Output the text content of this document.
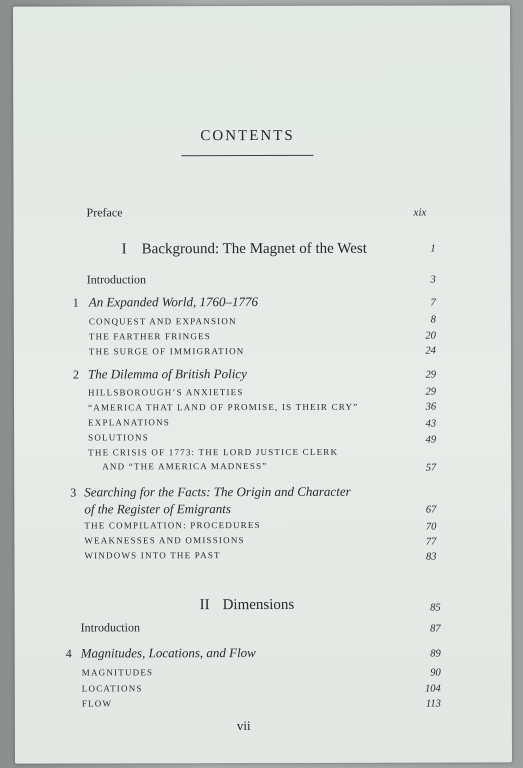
CONTENTS
Preface	xix
I Background: The Magnet of the West	1
Introduction	3
1 An Expanded World, 1760–1776	7
CONQUEST AND EXPANSION	8
THE FARTHER FRINGES	20
THE SURGE OF IMMIGRATION	24
2 The Dilemma of British Policy	29
HILLSBOROUGH’S ANXIETIES	29
“AMERICA THAT LAND OF PROMISE, IS THEIR CRY”	36
EXPLANATIONS	43
SOLUTIONS	49
THE CRISIS OF 1773: THE LORD JUSTICE CLERK
AND “THE AMERICA MADNESS”	57
3 Searching for the Facts: The Origin and Character
of the Register of Emigrants	67
THE COMPILATION: PROCEDURES	70
WEAKNESSES AND OMISSIONS	77
WINDOWS INTO THE PAST	83
II Dimensions	85
Introduction	87
4 Magnitudes, Locations, and Flow	89
MAGNITUDES	90
LOCATIONS	104
FLOW	113
vii
